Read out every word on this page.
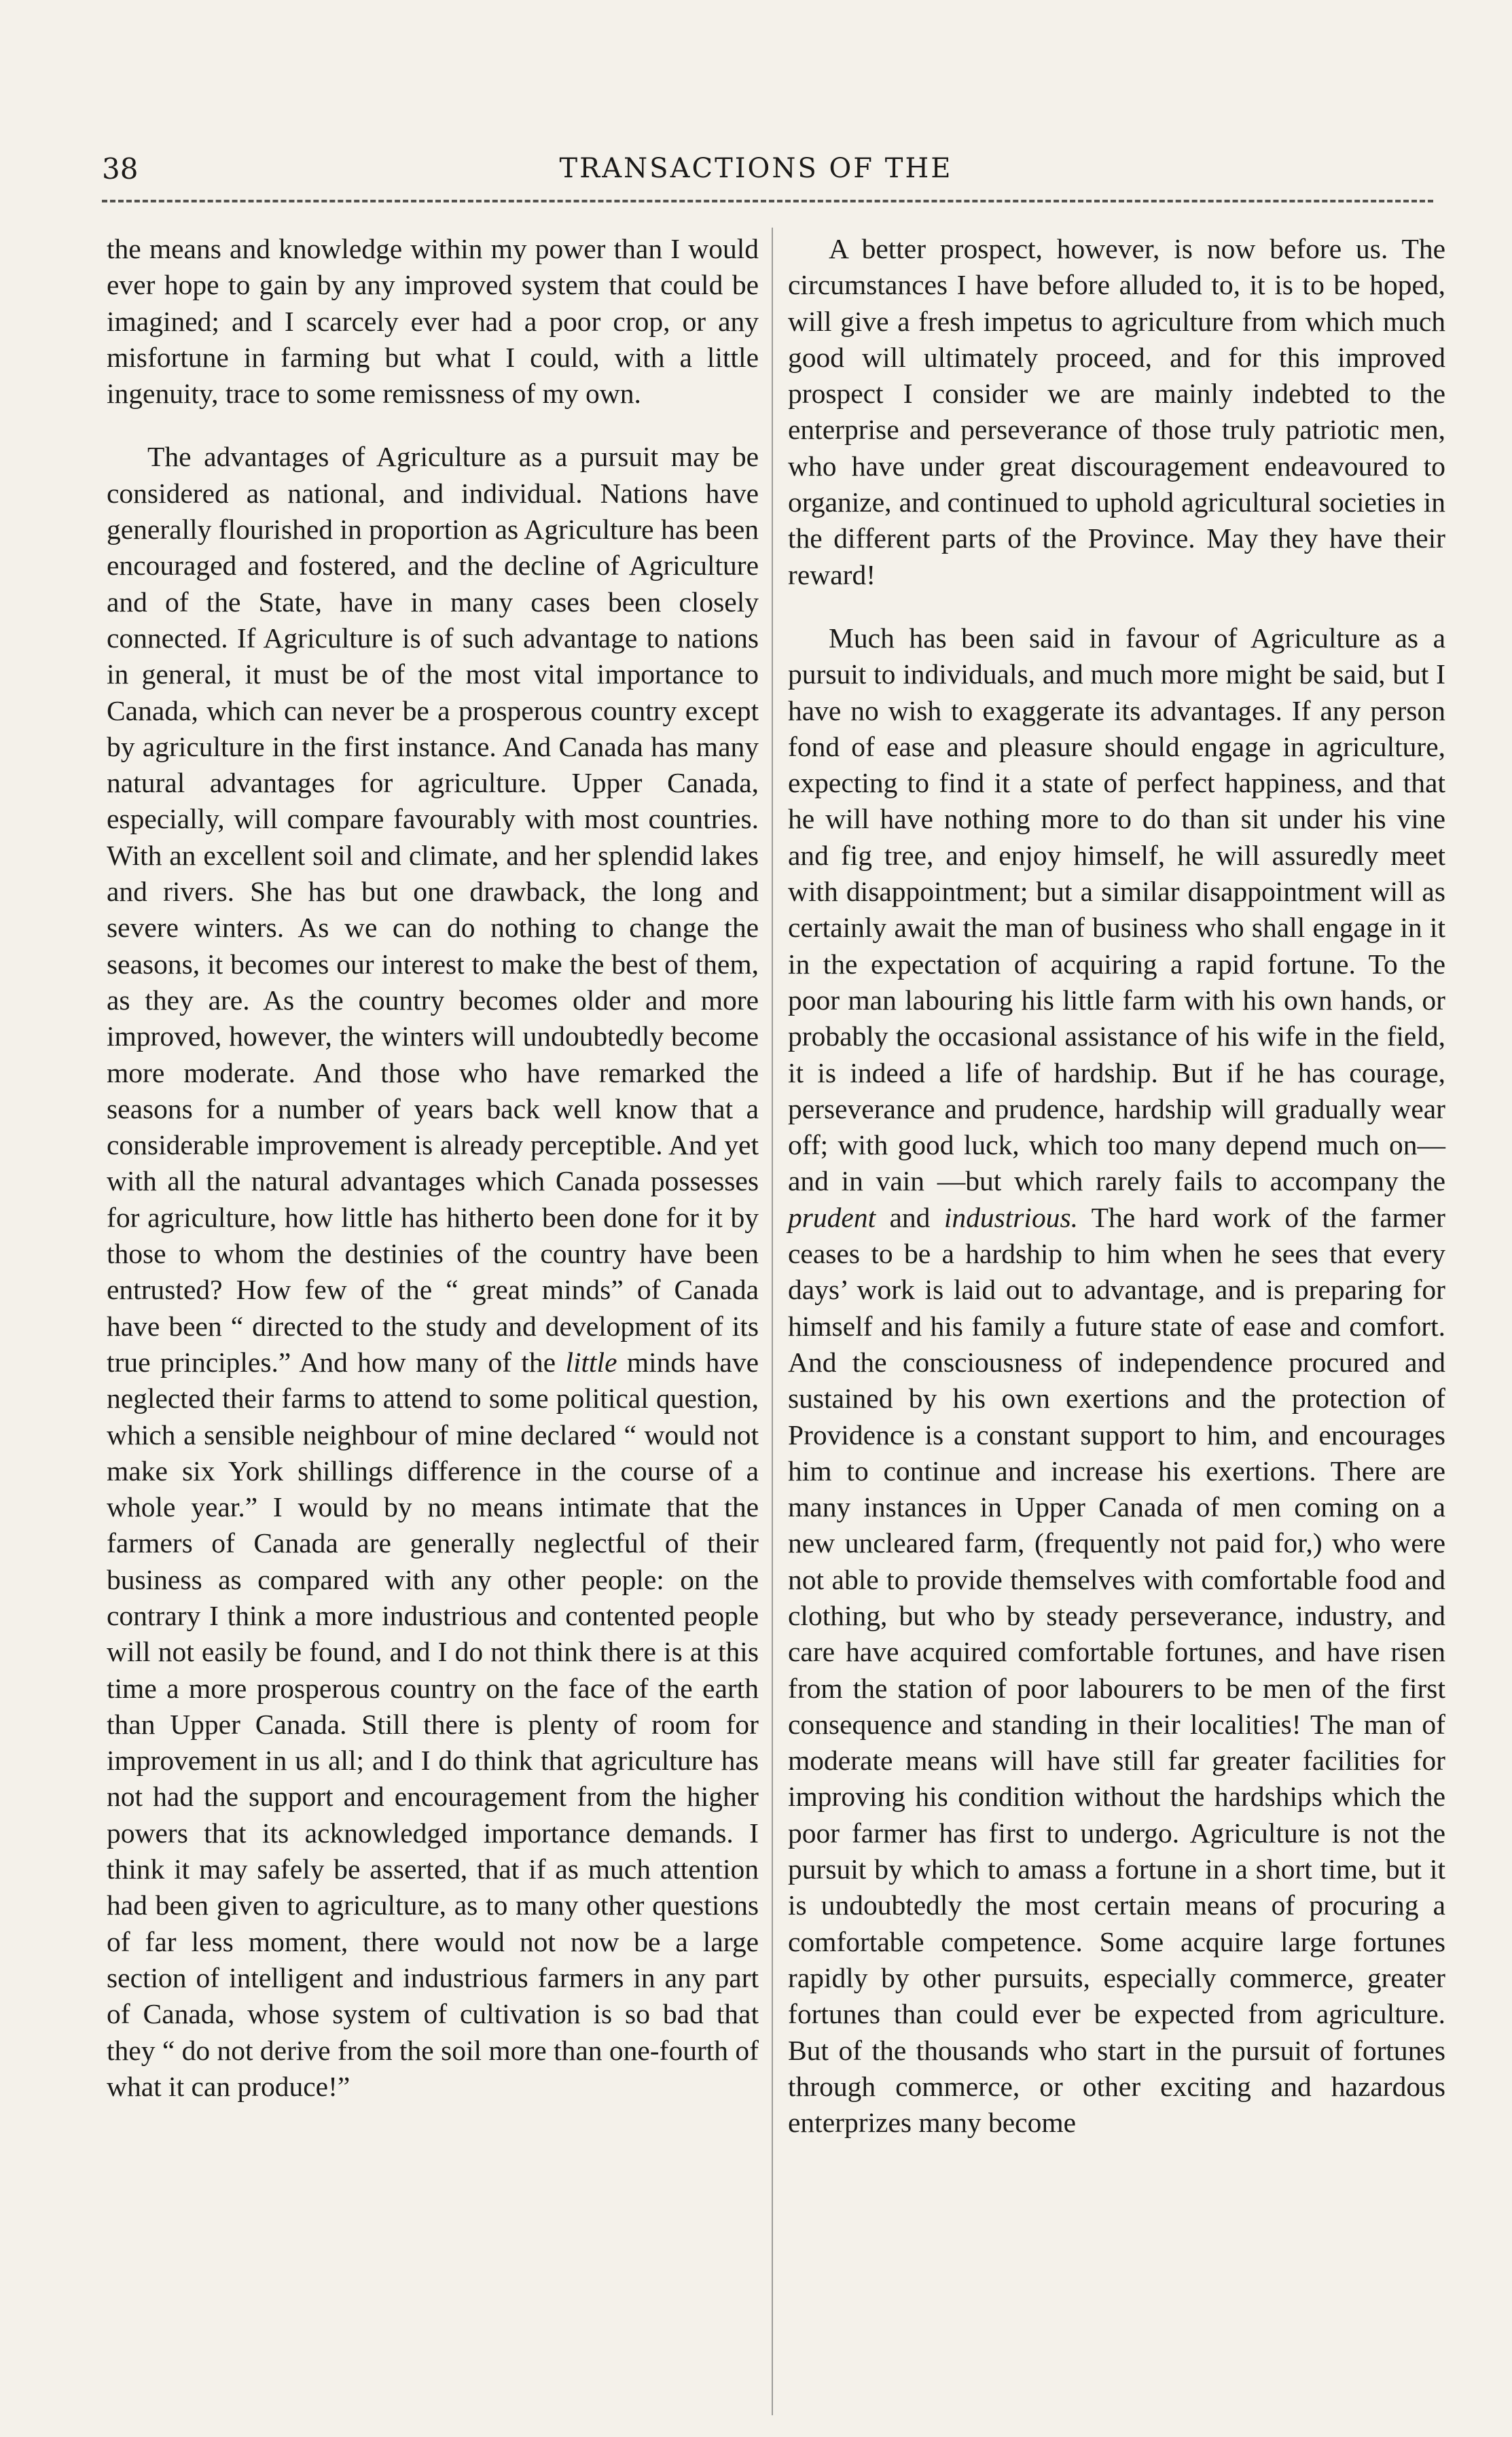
38	TRANSACTIONS OF THE

the means and knowledge within my power than I would ever hope to gain by any improved system that could be imagined; and I scarcely ever had a poor crop, or any misfortune in farming but what I could, with a little ingenuity, trace to some remissness of my own.

The advantages of Agriculture as a pursuit may be considered as national, and individual. Nations have generally flourished in proportion as Agriculture has been encouraged and fostered, and the decline of Agriculture and of the State, have in many cases been closely connected. If Agriculture is of such advantage to nations in general, it must be of the most vital importance to Canada, which can never be a prosperous country except by agriculture in the first instance. And Canada has many natural advantages for agriculture. Upper Canada, especially, will compare favourably with most countries. With an excellent soil and climate, and her splendid lakes and rivers. She has but one drawback, the long and severe winters. As we can do nothing to change the seasons, it becomes our interest to make the best of them, as they are. As the country becomes older and more improved, however, the winters will undoubtedly become more moderate. And those who have remarked the seasons for a number of years back well know that a considerable improvement is already perceptible. And yet with all the natural advantages which Canada possesses for agriculture, how little has hitherto been done for it by those to whom the destinies of the country have been entrusted? How few of the “ great minds” of Canada have been “ directed to the study and development of its true principles.” And how many of the little minds have neglected their farms to attend to some political question, which a sensible neighbour of mine declared “ would not make six York shillings difference in the course of a whole year.” I would by no means intimate that the farmers of Canada are generally neglectful of their business as compared with any other people: on the contrary I think a more industrious and contented people will not easily be found, and I do not think there is at this time a more prosperous country on the face of the earth than Upper Canada. Still there is plenty of room for improvement in us all; and I do think that agriculture has not had the support and encouragement from the higher powers that its acknowledged importance demands. I think it may safely be asserted, that if as much attention had been given to agriculture, as to many other questions of far less moment, there would not now be a large section of intelligent and industrious farmers in any part of Canada, whose system of cultivation is so bad that they “ do not derive from the soil more than one-fourth of what it can produce!”

A better prospect, however, is now before us. The circumstances I have before alluded to, it is to be hoped, will give a fresh impetus to agriculture from which much good will ultimately proceed, and for this improved prospect I consider we are mainly indebted to the enterprise and perseverance of those truly patriotic men, who have under great discouragement endeavoured to organize, and continued to uphold agricultural societies in the different parts of the Province. May they have their reward!

Much has been said in favour of Agriculture as a pursuit to individuals, and much more might be said, but I have no wish to exaggerate its advantages. If any person fond of ease and pleasure should engage in agriculture, expecting to find it a state of perfect happiness, and that he will have nothing more to do than sit under his vine and fig tree, and enjoy himself, he will assuredly meet with disappointment; but a similar disappointment will as certainly await the man of business who shall engage in it in the expectation of acquiring a rapid fortune. To the poor man labouring his little farm with his own hands, or probably the occasional assistance of his wife in the field, it is indeed a life of hardship. But if he has courage, perseverance and prudence, hardship will gradually wear off; with good luck, which too many depend much on—and in vain —but which rarely fails to accompany the prudent and industrious. The hard work of the farmer ceases to be a hardship to him when he sees that every days’ work is laid out to advantage, and is preparing for himself and his family a future state of ease and comfort. And the consciousness of independence procured and sustained by his own exertions and the protection of Providence is a constant support to him, and encourages him to continue and increase his exertions. There are many instances in Upper Canada of men coming on a new uncleared farm, (frequently not paid for,) who were not able to provide themselves with comfortable food and clothing, but who by steady perseverance, industry, and care have acquired comfortable fortunes, and have risen from the station of poor labourers to be men of the first consequence and standing in their localities! The man of moderate means will have still far greater facilities for improving his condition without the hardships which the poor farmer has first to undergo. Agriculture is not the pursuit by which to amass a fortune in a short time, but it is undoubtedly the most certain means of procuring a comfortable competence. Some acquire large fortunes rapidly by other pursuits, especially commerce, greater fortunes than could ever be expected from agriculture. But of the thousands who start in the pursuit of fortunes through commerce, or other exciting and hazardous enterprizes many become
